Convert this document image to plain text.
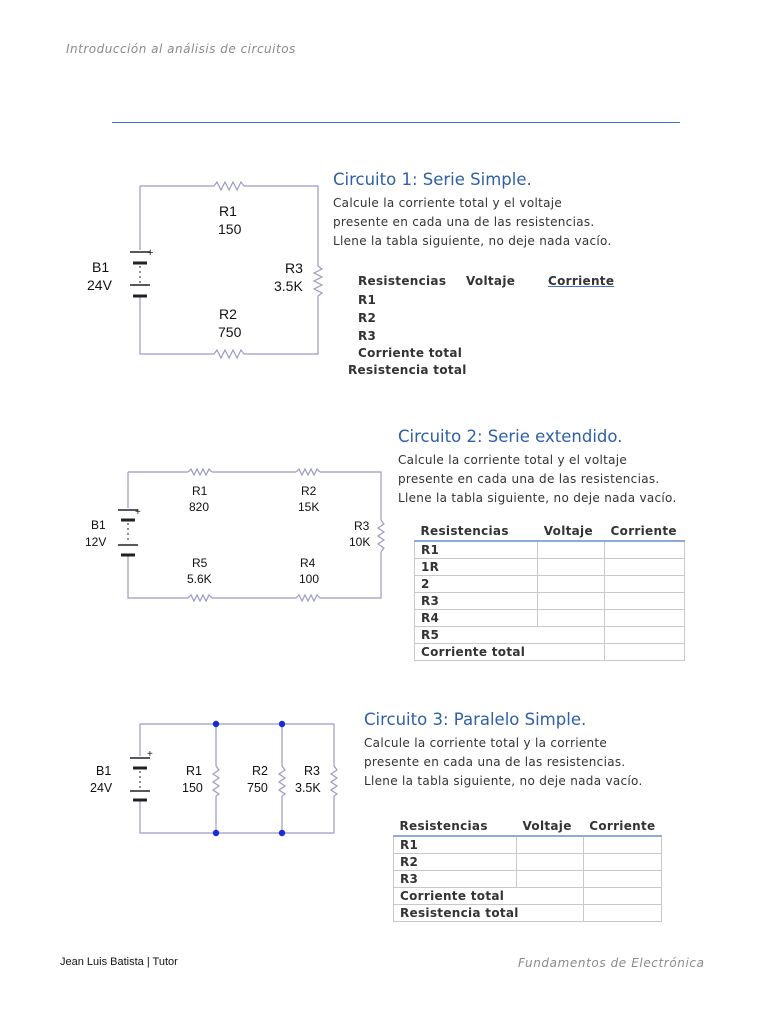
Introducción al análisis de circuitos
+
B1
24V
R1
150
R2
750
R3
3.5K
+
B1
12V
R1
820
R2
15K
R3
10K
R5
5.6K
R4
100
+
B1
24V
R1
150
R2
750
R3
3.5K
Circuito 1: Serie Simple.
Calcule la corriente total y el voltaje
presente en cada una de las resistencias.
Llene la tabla siguiente, no deje nada vacío.
Resistencias Voltaje	Corriente
R1
R2
R3
Corriente total
Resistencia total
Circuito 2: Serie extendido.
Calcule la corriente total y el voltaje
presente en cada una de las resistencias.
Llene la tabla siguiente, no deje nada vacío.
Resistencias	Voltaje	Corriente
R1		
1R		
2		
R3		
R4		
R5		
Corriente total		
Circuito 3: Paralelo Simple.
Calcule la corriente total y la corriente
presente en cada una de las resistencias.
Llene la tabla siguiente, no deje nada vacío.
Resistencias	Voltaje	Corriente
R1		
R2		
R3		
Corriente total		
Resistencia total		
Jean Luis Batista | Tutor	Fundamentos de Electrónica
